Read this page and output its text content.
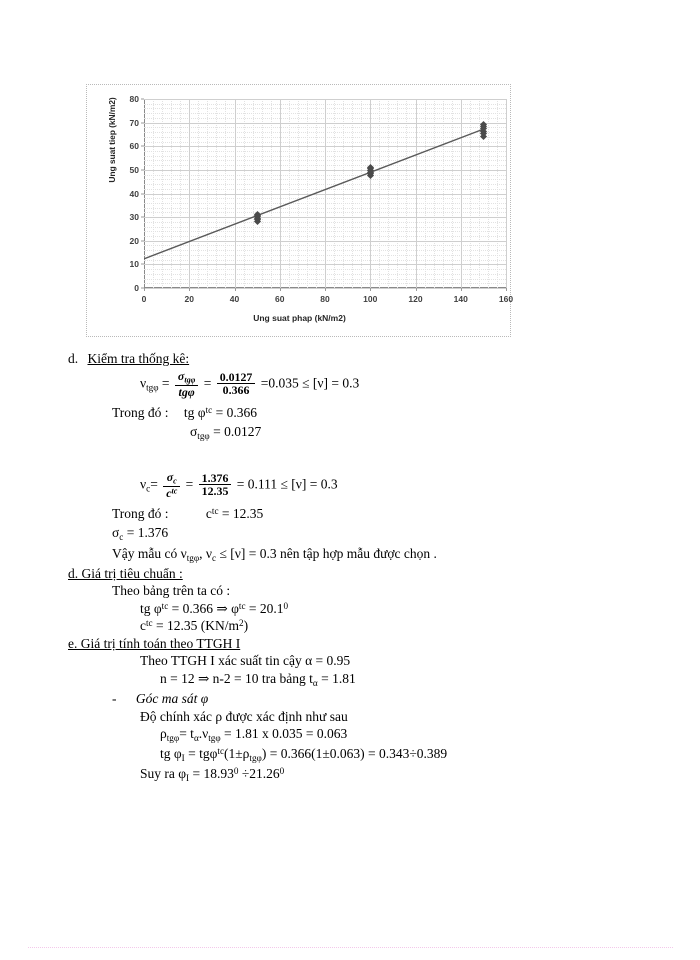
Ung suat tiep (kN/m2)
0
10
20
30
40
50
60
70
80
0	20	40	60	80	100	120	140	160
Ung suat phap (kN/m2)

d. Kiểm tra thống kê:

$\nu_{tg\varphi} = \frac{\sigma_{tg\varphi}}{\text{tgφ}} = \frac{0.0127}{0.366} =0.035 \le [\nu] = 0.3$

Trong đó : tg $\varphi^{tc} = 0.366$

$\sigma_{tg\varphi} = 0.0127$

$\nu_c= \frac{\sigma_c}{c^{tc}} = \frac{1.376}{12.35} = 0.111 \le [\nu] = 0.3$

Trong đó :	$c^{tc} = 12.35$

$\sigma_c = 1.376$

Vậy mẫu có $\nu_{tg\varphi}$, $\nu_c \le [\nu] = 0.3$ nên tập hợp mẫu được chọn .

d. Giá trị tiêu chuẩn :

Theo bảng trên ta có :

tg $\varphi^{tc} = 0.366$ ⇒ $\varphi^{tc} = 20.1^0$

$c^{tc} = 12.35$ $(KN/m^2)$

e. Giá trị tính toán theo TTGH I

Theo TTGH I xác suất tin cậy α = 0.95

n = 12 ⇒ n-2 = 10 tra bảng $t_\alpha = 1.81$

- Góc ma sát φ

Độ chính xác ρ được xác định như sau

$\rho_{tg\varphi}= t_\alpha.\nu_{tg\varphi} = 1.81$ x 0.035 = 0.063

tg $\varphi_I = tg\varphi^{tc}(1\pm\rho_{tg\varphi}) = 0.366(1\pm 0.063) = 0.343\div 0.389$

Suy ra $\varphi_I = 18.93^0 \div 21.26^0$
